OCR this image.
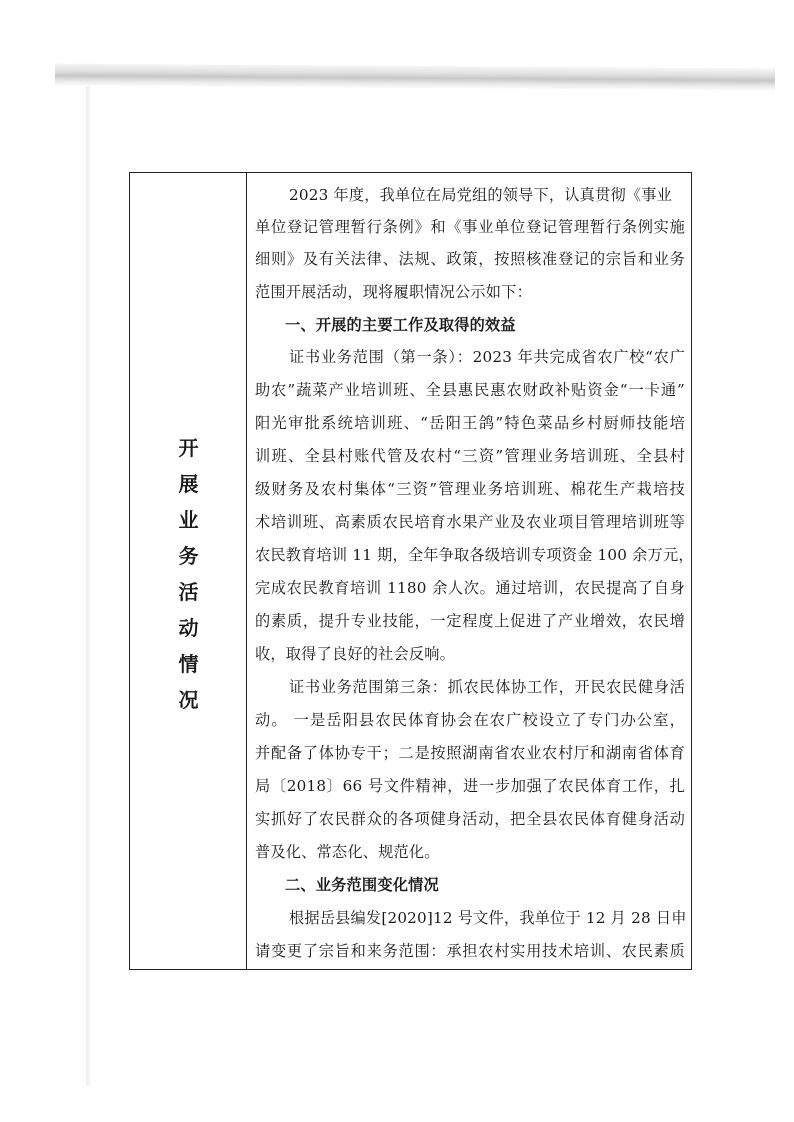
开
展
业
务
活
动
情
况
2023 年度，我单位在局党组的领导下，认真贯彻《事业
单位登记管理暂行条例》和《事业单位登记管理暂行条例实施
细则》及有关法律、法规、政策，按照核准登记的宗旨和业务
范围开展活动，现将履职情况公示如下：
一、开展的主要工作及取得的效益
证书业务范围（第一条）：2023 年共完成省农广校“农广
助农”蔬菜产业培训班、全县惠民惠农财政补贴资金“一卡通”
阳光审批系统培训班、“岳阳王鸽”特色菜品乡村厨师技能培
训班、全县村账代管及农村“三资”管理业务培训班、全县村
级财务及农村集体“三资”管理业务培训班、棉花生产栽培技
术培训班、高素质农民培育水果产业及农业项目管理培训班等
农民教育培训 11 期，全年争取各级培训专项资金 100 余万元，
完成农民教育培训 1180 余人次。通过培训，农民提高了自身
的素质，提升专业技能，一定程度上促进了产业增效，农民增
收，取得了良好的社会反响。
证书业务范围第三条：抓农民体协工作，开民农民健身活
动。 一是岳阳县农民体育协会在农广校设立了专门办公室，
并配备了体协专干；二是按照湖南省农业农村厅和湖南省体育
局〔2018〕66 号文件精神，进一步加强了农民体育工作，扎
实抓好了农民群众的各项健身活动，把全县农民体育健身活动
普及化、常态化、规范化。
二、业务范围变化情况
根据岳县编发[2020]12 号文件，我单位于 12 月 28 日申
请变更了宗旨和来务范围：承担农村实用技术培训、农民素质
